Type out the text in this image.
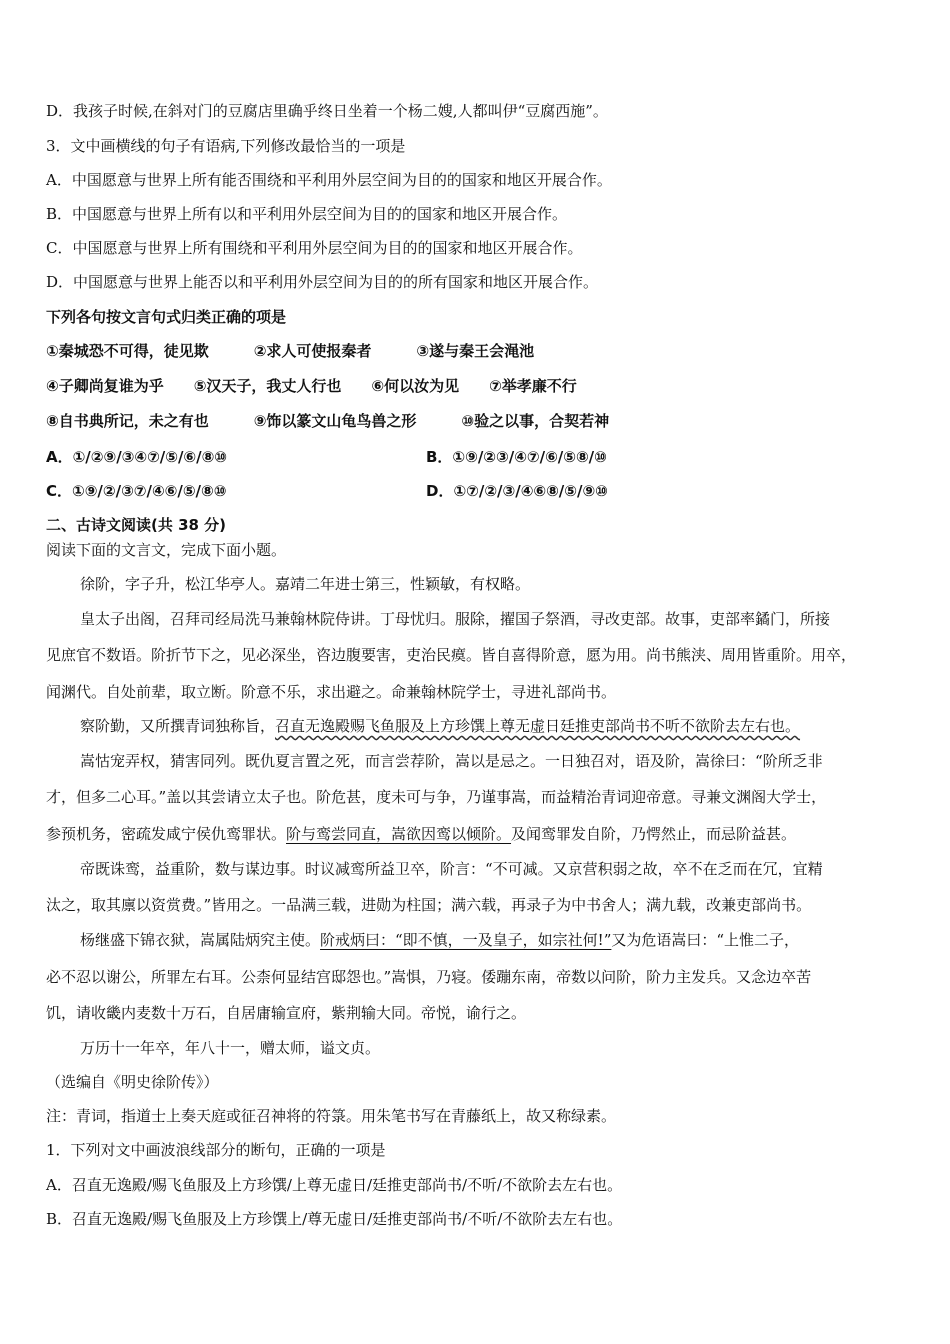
D．我孩子时候,在斜对门的豆腐店里确乎终日坐着一个杨二嫂,人都叫伊“豆腐西施”。
3．文中画横线的句子有语病,下列修改最恰当的一项是
A．中国愿意与世界上所有能否围绕和平利用外层空间为目的的国家和地区开展合作。
B．中国愿意与世界上所有以和平利用外层空间为目的的国家和地区开展合作。
C．中国愿意与世界上所有围绕和平利用外层空间为目的的国家和地区开展合作。
D．中国愿意与世界上能否以和平利用外层空间为目的的所有国家和地区开展合作。
下列各句按文言句式归类正确的项是
①秦城恐不可得，徒见欺　　　②求人可使报秦者　　　③遂与秦王会渑池
④子卿尚复谁为乎　　⑤汉天子，我丈人行也　　⑥何以汝为见　　⑦举孝廉不行
⑧自书典所记，未之有也　　　⑨饰以篆文山龟鸟兽之形　　　⑩验之以事，合契若神
A．①/②⑨/③④⑦/⑤/⑥/⑧⑩	B．①⑨/②③/④⑦/⑥/⑤⑧/⑩
C．①⑨/②/③⑦/④⑥/⑤/⑧⑩	D．①⑦/②/③/④⑥⑧/⑤/⑨⑩
二、古诗文阅读(共 38 分)
阅读下面的文言文，完成下面小题。
徐阶，字子升，松江华亭人。嘉靖二年进士第三，性颖敏，有权略。
皇太子出阁，召拜司经局洗马兼翰林院侍讲。丁母忧归。服除，擢国子祭酒，寻改吏部。故事，吏部率鐍门，所接
见庶官不数语。阶折节下之，见必深坐，咨边腹要害，吏治民瘼。皆自喜得阶意，愿为用。尚书熊浃、周用皆重阶。用卒，
闻渊代。自处前辈，取立断。阶意不乐，求出避之。命兼翰林院学士，寻进礼部尚书。
察阶勤，又所撰青词独称旨，召直无逸殿赐飞鱼服及上方珍馔上尊无虚日廷推吏部尚书不听不欲阶去左右也。
嵩怙宠弄权，猜害同列。既仇夏言置之死，而言尝荐阶，嵩以是忌之。一日独召对，语及阶，嵩徐曰：“阶所乏非
才，但多二心耳。”盖以其尝请立太子也。阶危甚，度未可与争，乃谨事嵩，而益精治青词迎帝意。寻兼文渊阁大学士，
参预机务，密疏发咸宁侯仇鸾罪状。阶与鸾尝同直，嵩欲因鸾以倾阶。及闻鸾罪发自阶，乃愕然止，而忌阶益甚。
帝既诛鸾，益重阶，数与谋边事。时议减鸾所益卫卒，阶言：“不可减。又京营积弱之故，卒不在乏而在冗，宜精
汰之，取其廪以资赏费。”皆用之。一品满三载，进勋为柱国；满六载，再录子为中书舍人；满九载，改兼吏部尚书。
杨继盛下锦衣狱，嵩属陆炳究主使。阶戒炳曰：“即不慎，一及皇子，如宗社何!”又为危语嵩曰：“上惟二子，
必不忍以谢公，所罪左右耳。公柰何显结宫邸怨也。”嵩惧，乃寝。倭蹦东南，帝数以问阶，阶力主发兵。又念边卒苦
饥，请收畿内麦数十万石，自居庸输宣府，紫荆输大同。帝悦，谕行之。
万历十一年卒，年八十一，赠太师，谥文贞。
（选编自《明史徐阶传》）
注：青词，指道士上奏天庭或征召神将的符箓。用朱笔书写在青藤纸上，故又称绿素。
1．下列对文中画波浪线部分的断句，正确的一项是
A．召直无逸殿/赐飞鱼服及上方珍馔/上尊无虚日/廷推吏部尚书/不听/不欲阶去左右也。
B．召直无逸殿/赐飞鱼服及上方珍馔上/尊无虚日/廷推吏部尚书/不听/不欲阶去左右也。
